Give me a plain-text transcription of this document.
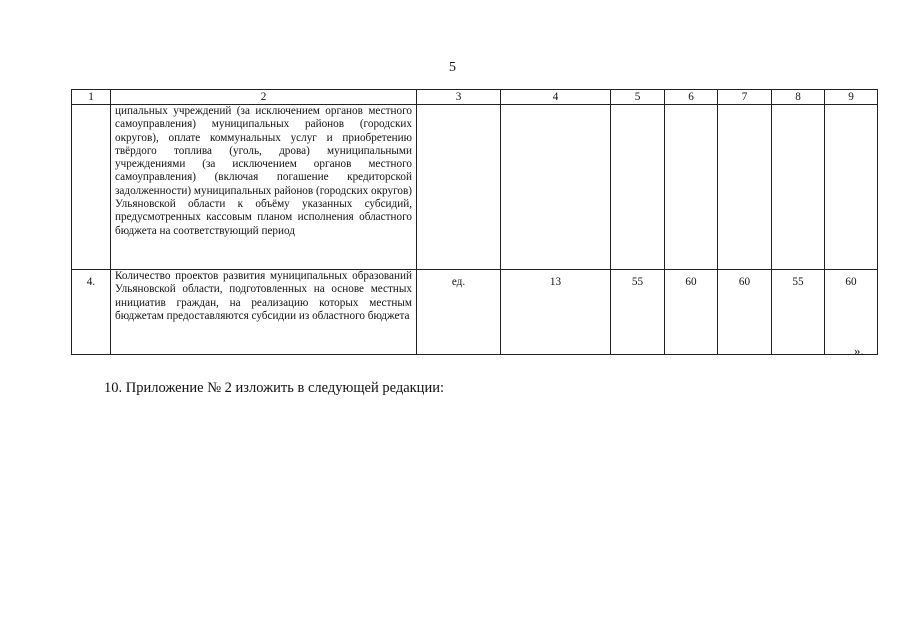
5
1	2	3	4	5	6	7	8	9
	ципальных учреждений (за исключением органов местного самоуправления) муниципальных районов (городских округов), оплате коммунальных услуг и приобретению твёрдого топлива (уголь, дрова) муниципальными учреждениями (за исключением органов местного самоуправления) (включая погашение кредиторской задолженности) муниципальных районов (городских округов) Ульяновской области к объёму указанных субсидий, предусмотренных кассовым планом исполнения областного бюджета на соответствующий период							
4.	Количество проектов развития муниципальных образований Ульяновской области, подготовленных на основе местных инициатив граждан, на реализацию которых местным бюджетам предоставляются субсидии из областного бюджета	ед.	13	55	60	60	55	60
».
10. Приложение № 2 изложить в следующей редакции:
